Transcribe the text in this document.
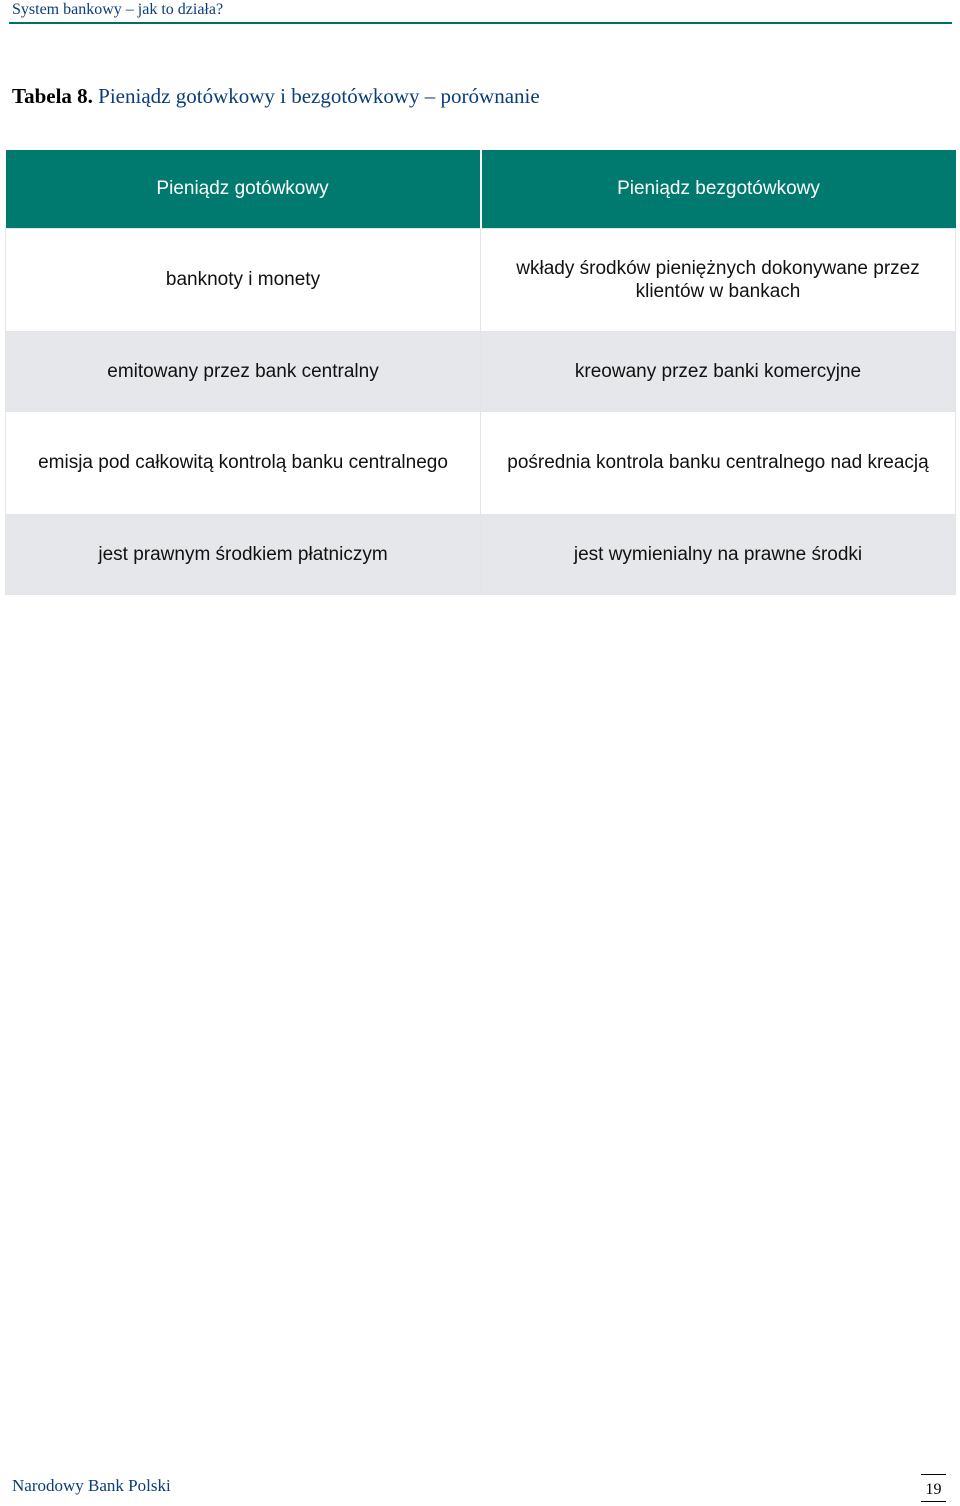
System bankowy – jak to działa?
Tabela 8. Pieniądz gotówkowy i bezgotówkowy – porównanie
Pieniądz gotówkowy	Pieniądz bezgotówkowy
banknoty i monety	wkłady środków pieniężnych dokonywane przez klientów w bankach
emitowany przez bank centralny	kreowany przez banki komercyjne
emisja pod całkowitą kontrolą banku centralnego	pośrednia kontrola banku centralnego nad kreacją
jest prawnym środkiem płatniczym	jest wymienialny na prawne środki
Narodowy Bank Polski	19
